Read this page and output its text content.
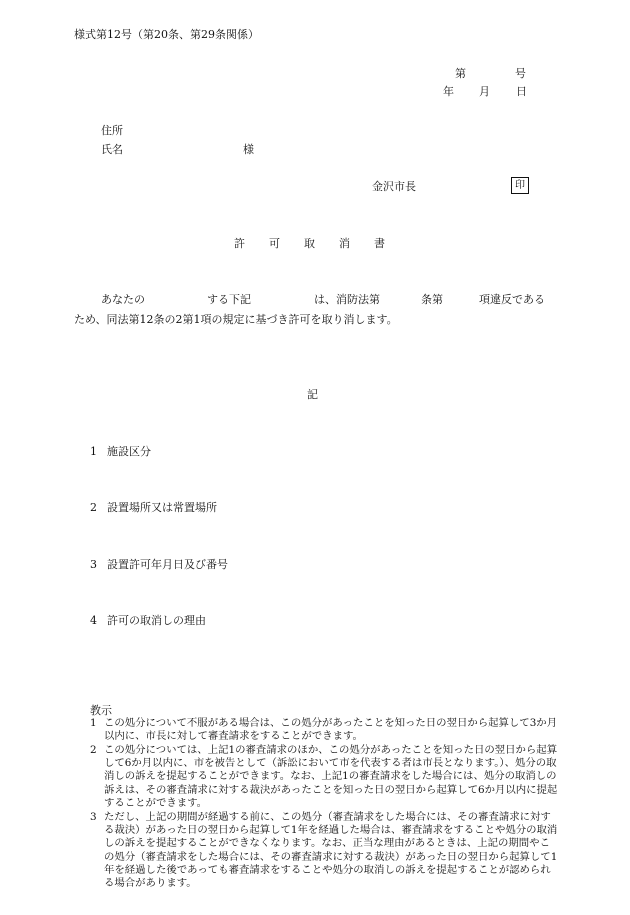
様式第12号（第20条、第29条関係）
第	号
年 月 日
住所
氏名	様
金沢市長	印
許 可 取 消 書
あなたの	する下記	は、消防法第	条第	項違反である
ため、同法第12条の2第1項の規定に基づき許可を取り消します。
記
1 施設区分
2 設置場所又は常置場所
3 設置許可年月日及び番号
4 許可の取消しの理由
教示
1 この処分について不服がある場合は、この処分があったことを知った日の翌日から起算して3か月以内に、市長に対して審査請求をすることができます。
2 この処分については、上記1の審査請求のほか、この処分があったことを知った日の翌日から起算して6か月以内に、市を被告として（訴訟において市を代表する者は市長となります。）、処分の取消しの訴えを提起することができます。なお、上記1の審査請求をした場合には、処分の取消しの訴えは、その審査請求に対する裁決があったことを知った日の翌日から起算して6か月以内に提起することができます。
3 ただし、上記の期間が経過する前に、この処分（審査請求をした場合には、その審査請求に対する裁決）があった日の翌日から起算して1年を経過した場合は、審査請求をすることや処分の取消しの訴えを提起することができなくなります。なお、正当な理由があるときは、上記の期間やこの処分（審査請求をした場合には、その審査請求に対する裁決）があった日の翌日から起算して1年を経過した後であっても審査請求をすることや処分の取消しの訴えを提起することが認められる場合があります。
